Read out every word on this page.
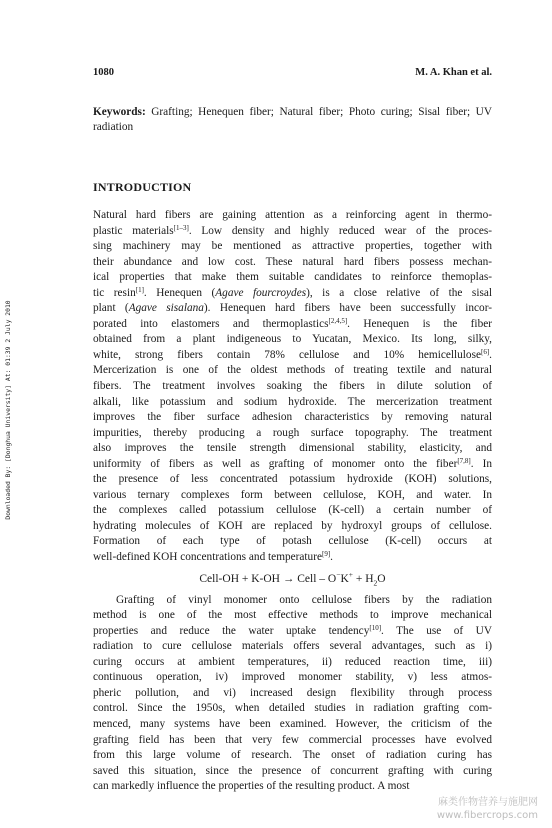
1080	M. A. Khan et al.
Keywords: Grafting; Henequen fiber; Natural fiber; Photo curing; Sisal fiber; UV radiation
INTRODUCTION
Natural hard fibers are gaining attention as a reinforcing agent in thermo-
plastic materials[1–3]. Low density and highly reduced wear of the proces-
sing machinery may be mentioned as attractive properties, together with
their abundance and low cost. These natural hard fibers possess mechan-
ical properties that make them suitable candidates to reinforce themoplas-
tic resin[1]. Henequen (Agave fourcroydes), is a close relative of the sisal
plant (Agave sisalana). Henequen hard fibers have been successfully incor-
porated into elastomers and thermoplastics[2,4,5]. Henequen is the fiber
obtained from a plant indigeneous to Yucatan, Mexico. Its long, silky,
white, strong fibers contain 78% cellulose and 10% hemicellulose[6].
Mercerization is one of the oldest methods of treating textile and natural
fibers. The treatment involves soaking the fibers in dilute solution of
alkali, like potassium and sodium hydroxide. The mercerization treatment
improves the fiber surface adhesion characteristics by removing natural
impurities, thereby producing a rough surface topography. The treatment
also improves the tensile strength dimensional stability, elasticity, and
uniformity of fibers as well as grafting of monomer onto the fiber[7,8]. In
the presence of less concentrated potassium hydroxide (KOH) solutions,
various ternary complexes form between cellulose, KOH, and water. In
the complexes called potassium cellulose (K-cell) a certain number of
hydrating molecules of KOH are replaced by hydroxyl groups of cellulose.
Formation of each type of potash cellulose (K-cell) occurs at
well-defined KOH concentrations and temperature[9].
Cell-OH + K-OH → Cell – $O^-K^+ + H_2O$
Grafting of vinyl monomer onto cellulose fibers by the radiation
method is one of the most effective methods to improve mechanical
properties and reduce the water uptake tendency[10]. The use of UV
radiation to cure cellulose materials offers several advantages, such as i)
curing occurs at ambient temperatures, ii) reduced reaction time, iii)
continuous operation, iv) improved monomer stability, v) less atmos-
pheric pollution, and vi) increased design flexibility through process
control. Since the 1950s, when detailed studies in radiation grafting com-
menced, many systems have been examined. However, the criticism of the
grafting field has been that very few commercial processes have evolved
from this large volume of research. The onset of radiation curing has
saved this situation, since the presence of concurrent grafting with curing
can markedly influence the properties of the resulting product. A most
Downloaded By: [Donghua University] At: 01:39 2 July 2010
麻类作物营养与施肥网
www.fibercrops.com
